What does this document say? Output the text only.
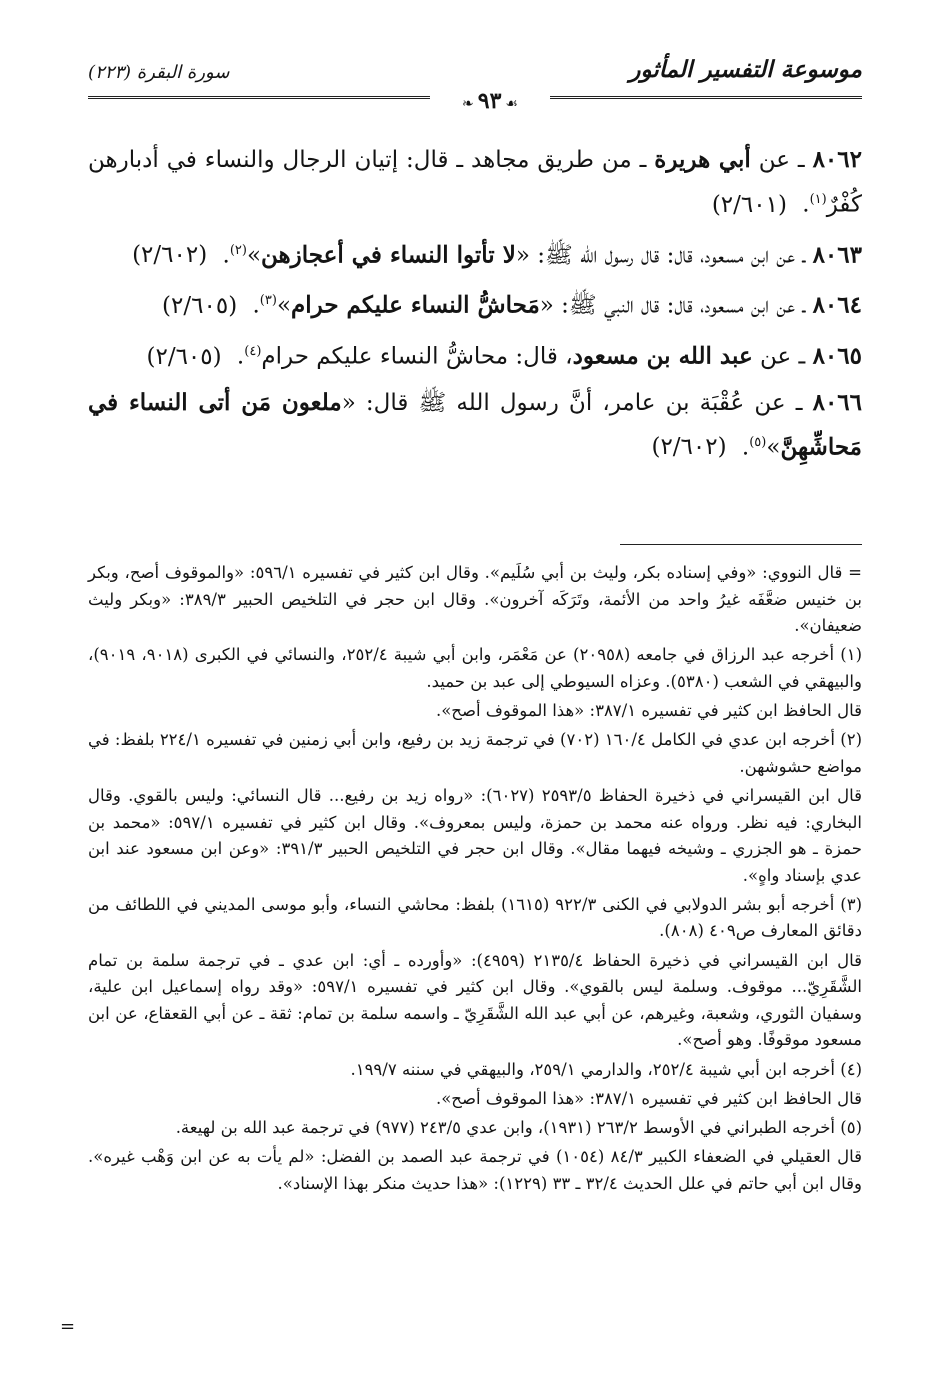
موسوعة التفسير المأثور
سورة البقرة (٢٢٣)
❧ ٩٣ ☙

٨٠٦٢ ـ عن أبي هريرة ـ من طريق مجاهد ـ قال: إتيان الرجال والنساء في أدبارهن كُفْرٌ$^{(١)}$. (٢/٦٠١)

٨٠٦٣ ـ عن ابن مسعود، قال: قال رسول الله ﷺ: «لا تأتوا النساء في أعجازهن»$^{(٢)}$. (٢/٦٠٢)

٨٠٦٤ ـ عن ابن مسعود، قال: قال النبي ﷺ: «مَحاشُّ النساء عليكم حرام»$^{(٣)}$. (٢/٦٠٥)

٨٠٦٥ ـ عن عبد الله بن مسعود، قال: محاشُّ النساء عليكم حرام$^{(٤)}$. (٢/٦٠٥)

٨٠٦٦ ـ عن عُقْبَة بن عامر، أنَّ رسول الله ﷺ قال: «ملعون مَن أتى النساء في مَحاشِّهِنَّ»$^{(٥)}$. (٢/٦٠٢)

= قال النووي: «وفي إسناده بكر، وليث بن أبي سُلَيم». وقال ابن كثير في تفسيره ٥٩٦/١: «والموقوف أصح، وبكر بن خنيس ضعَّفَه غيرُ واحد من الأئمة، وتَرَكَه آخرون». وقال ابن حجر في التلخيص الحبير ٣٨٩/٣: «وبكر وليث ضعيفان».

(١) أخرجه عبد الرزاق في جامعه (٢٠٩٥٨) عن مَعْمَر، وابن أبي شيبة ٢٥٢/٤، والنسائي في الكبرى (٩٠١٨، ٩٠١٩)، والبيهقي في الشعب (٥٣٨٠). وعزاه السيوطي إلى عبد بن حميد.

قال الحافظ ابن كثير في تفسيره ٣٨٧/١: «هذا الموقوف أصح».

(٢) أخرجه ابن عدي في الكامل ١٦٠/٤ (٧٠٢) في ترجمة زيد بن رفيع، وابن أبي زمنين في تفسيره ٢٢٤/١ بلفظ: في مواضع حشوشهن.

قال ابن القيسراني في ذخيرة الحفاظ ٢٥٩٣/٥ (٦٠٢٧): «رواه زيد بن رفيع... قال النسائي: وليس بالقوي. وقال البخاري: فيه نظر. ورواه عنه محمد بن حمزة، وليس بمعروف». وقال ابن كثير في تفسيره ٥٩٧/١: «محمد بن حمزة ـ هو الجزري ـ وشيخه فيهما مقال». وقال ابن حجر في التلخيص الحبير ٣٩١/٣: «وعن ابن مسعود عند ابن عدي بإسناد واهٍ».

(٣) أخرجه أبو بشر الدولابي في الكنى ٩٢٢/٣ (١٦١٥) بلفظ: محاشي النساء، وأبو موسى المديني في اللطائف من دقائق المعارف ص٤٠٩ (٨٠٨).

قال ابن القيسراني في ذخيرة الحفاظ ٢١٣٥/٤ (٤٩٥٩): «وأورده ـ أي: ابن عدي ـ في ترجمة سلمة بن تمام الشَّقَرِيّ... موقوف. وسلمة ليس بالقوي». وقال ابن كثير في تفسيره ٥٩٧/١: «وقد رواه إسماعيل ابن علية، وسفيان الثوري، وشعبة، وغيرهم، عن أبي عبد الله الشَّقَرِيّ ـ واسمه سلمة بن تمام: ثقة ـ عن أبي القعقاع، عن ابن مسعود موقوفًا. وهو أصح».

(٤) أخرجه ابن أبي شيبة ٢٥٢/٤، والدارمي ٢٥٩/١، والبيهقي في سننه ١٩٩/٧.

قال الحافظ ابن كثير في تفسيره ٣٨٧/١: «هذا الموقوف أصح».

(٥) أخرجه الطبراني في الأوسط ٢٦٣/٢ (١٩٣١)، وابن عدي ٢٤٣/٥ (٩٧٧) في ترجمة عبد الله بن لهيعة.

قال العقيلي في الضعفاء الكبير ٨٤/٣ (١٠٥٤) في ترجمة عبد الصمد بن الفضل: «لم يأت به عن ابن وَهْب غيره». وقال ابن أبي حاتم في علل الحديث ٣٢/٤ ـ ٣٣ (١٢٢٩): «هذا حديث منكر بهذا الإسناد».

=
